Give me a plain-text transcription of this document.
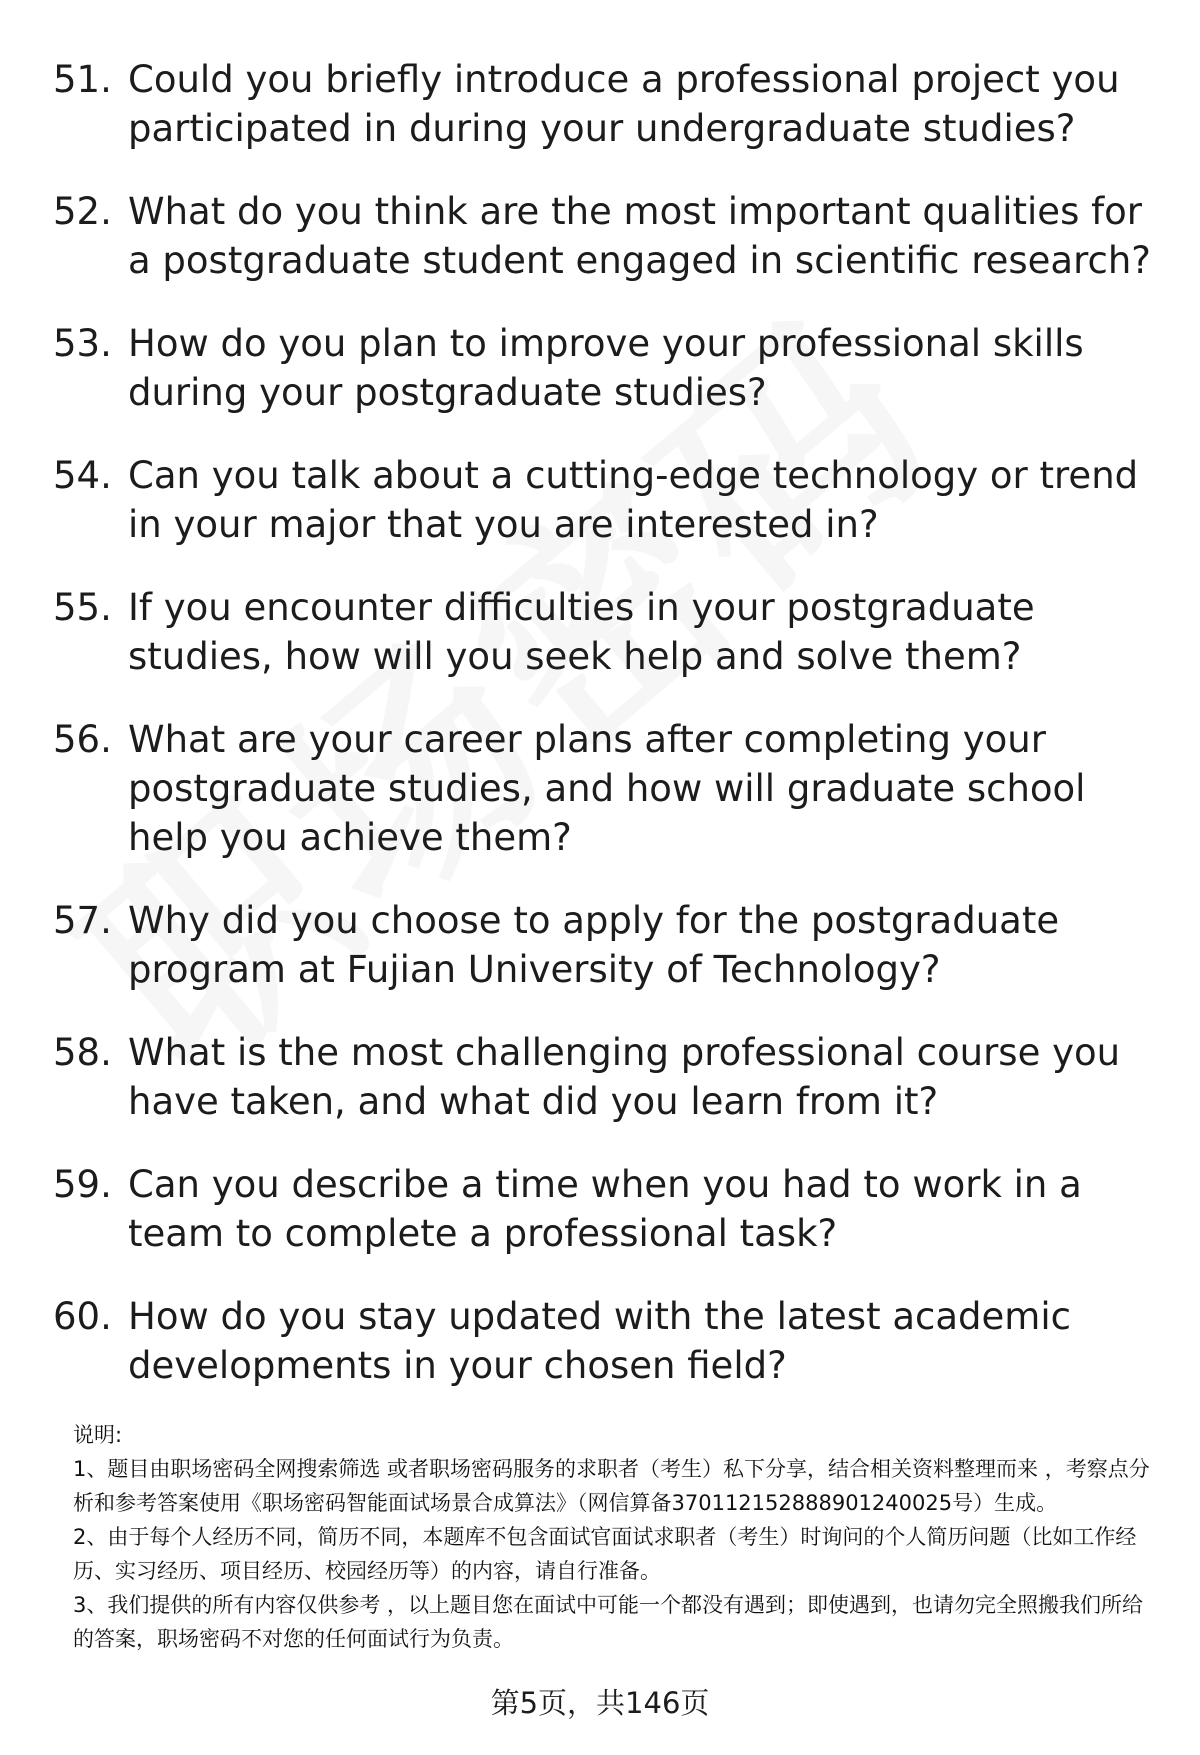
51. Could you briefly introduce a professional project you participated in during your undergraduate studies?
52. What do you think are the most important qualities for a postgraduate student engaged in scientific research?
53. How do you plan to improve your professional skills during your postgraduate studies?
54. Can you talk about a cutting-edge technology or trend in your major that you are interested in?
55. If you encounter difficulties in your postgraduate studies, how will you seek help and solve them?
56. What are your career plans after completing your postgraduate studies, and how will graduate school help you achieve them?
57. Why did you choose to apply for the postgraduate program at Fujian University of Technology?
58. What is the most challenging professional course you have taken, and what did you learn from it?
59. Can you describe a time when you had to work in a team to complete a professional task?
60. How do you stay updated with the latest academic developments in your chosen field?

说明:

1、题目由职场密码全网搜索筛选 或者职场密码服务的求职者（考生）私下分享，结合相关资料整理而来 ，考察点分析和参考答案使用《职场密码智能面试场景合成算法》（网信算备370112152888901240025号）生成。

2、由于每个人经历不同，简历不同，本题库不包含面试官面试求职者（考生）时询问的个人简历问题（比如工作经历、实习经历、项目经历、校园经历等）的内容，请自行准备。

3、我们提供的所有内容仅供参考 ，以上题目您在面试中可能一个都没有遇到；即使遇到，也请勿完全照搬我们所给的答案，职场密码不对您的任何面试行为负责。

第5页，共146页
